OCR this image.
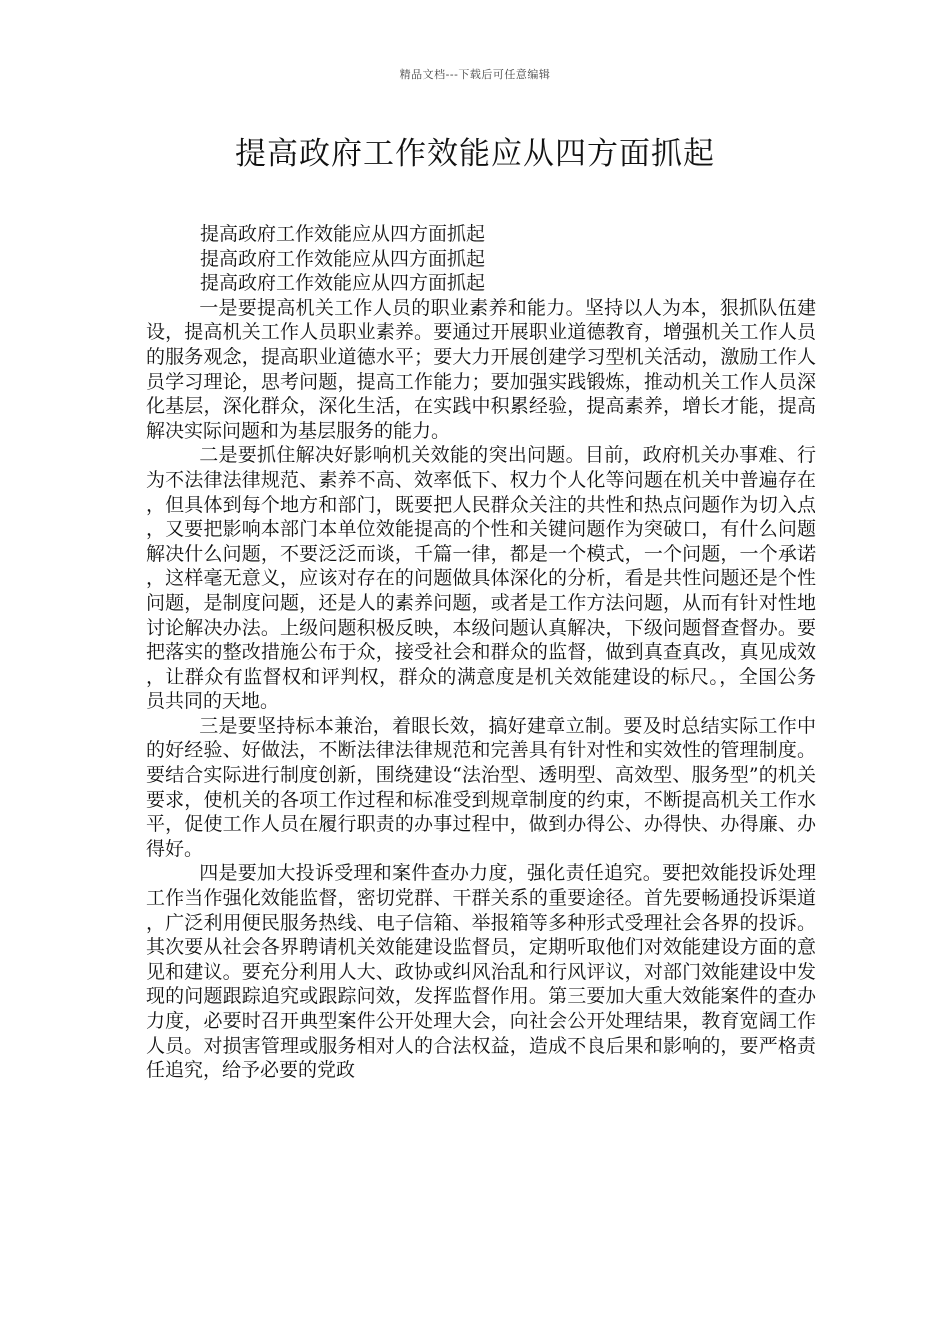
精品文档---下载后可任意编辑
提高政府工作效能应从四方面抓起

提高政府工作效能应从四方面抓起

提高政府工作效能应从四方面抓起

提高政府工作效能应从四方面抓起

一是要提高机关工作人员的职业素养和能力。坚持以人为本，狠抓队伍建设，提高机关工作人员职业素养。要通过开展职业道德教育，增强机关工作人员的服务观念，提高职业道德水平；要大力开展创建学习型机关活动，激励工作人员学习理论，思考问题，提高工作能力；要加强实践锻炼，推动机关工作人员深化基层，深化群众，深化生活，在实践中积累经验，提高素养，增长才能，提高解决实际问题和为基层服务的能力。

二是要抓住解决好影响机关效能的突出问题。目前，政府机关办事难、行为不法律法律规范、素养不高、效率低下、权力个人化等问题在机关中普遍存在，但具体到每个地方和部门，既要把人民群众关注的共性和热点问题作为切入点，又要把影响本部门本单位效能提高的个性和关键问题作为突破口，有什么问题解决什么问题，不要泛泛而谈，千篇一律，都是一个模式，一个问题，一个承诺，这样毫无意义，应该对存在的问题做具体深化的分析，看是共性问题还是个性问题，是制度问题，还是人的素养问题，或者是工作方法问题，从而有针对性地讨论解决办法。上级问题积极反映，本级问题认真解决，下级问题督查督办。要把落实的整改措施公布于众，接受社会和群众的监督，做到真查真改，真见成效，让群众有监督权和评判权，群众的满意度是机关效能建设的标尺。，全国公务员共同的天地。

三是要坚持标本兼治，着眼长效，搞好建章立制。要及时总结实际工作中的好经验、好做法，不断法律法律规范和完善具有针对性和实效性的管理制度。要结合实际进行制度创新，围绕建设“法治型、透明型、高效型、服务型”的机关要求，使机关的各项工作过程和标准受到规章制度的约束，不断提高机关工作水平，促使工作人员在履行职责的办事过程中，做到办得公、办得快、办得廉、办得好。

四是要加大投诉受理和案件查办力度，强化责任追究。要把效能投诉处理工作当作强化效能监督，密切党群、干群关系的重要途径。首先要畅通投诉渠道，广泛利用便民服务热线、电子信箱、举报箱等多种形式受理社会各界的投诉。其次要从社会各界聘请机关效能建设监督员，定期听取他们对效能建设方面的意见和建议。要充分利用人大、政协或纠风治乱和行风评议，对部门效能建设中发现的问题跟踪追究或跟踪问效，发挥监督作用。第三要加大重大效能案件的查办力度，必要时召开典型案件公开处理大会，向社会公开处理结果，教育宽阔工作人员。对损害管理或服务相对人的合法权益，造成不良后果和影响的，要严格责任追究，给予必要的党政
